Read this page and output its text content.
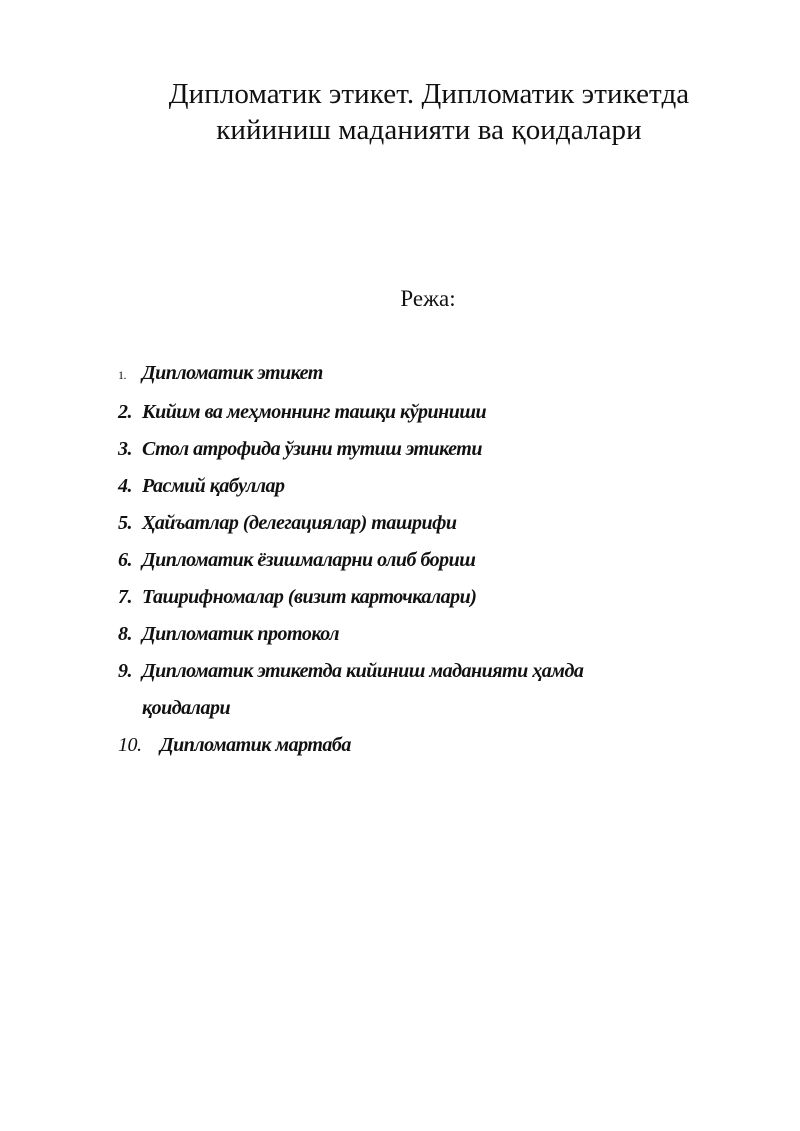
Дипломатик этикет. Дипломатик этикетда
кийиниш маданияти ва қоидалари
Режа:
1. Дипломатик этикет
2. Кийим ва меҳмоннинг ташқи кўриниши
3. Стол атрофида ўзини тутиш этикети
4. Расмий қабуллар
5. Ҳайъатлар (делегациялар) ташрифи
6. Дипломатик ёзишмаларни олиб бориш
7. Ташрифномалар (визит карточкалари)
8. Дипломатик протокол
9. Дипломатик этикетда кийиниш маданияти ҳамда қоидалари
10. Дипломатик мартаба
